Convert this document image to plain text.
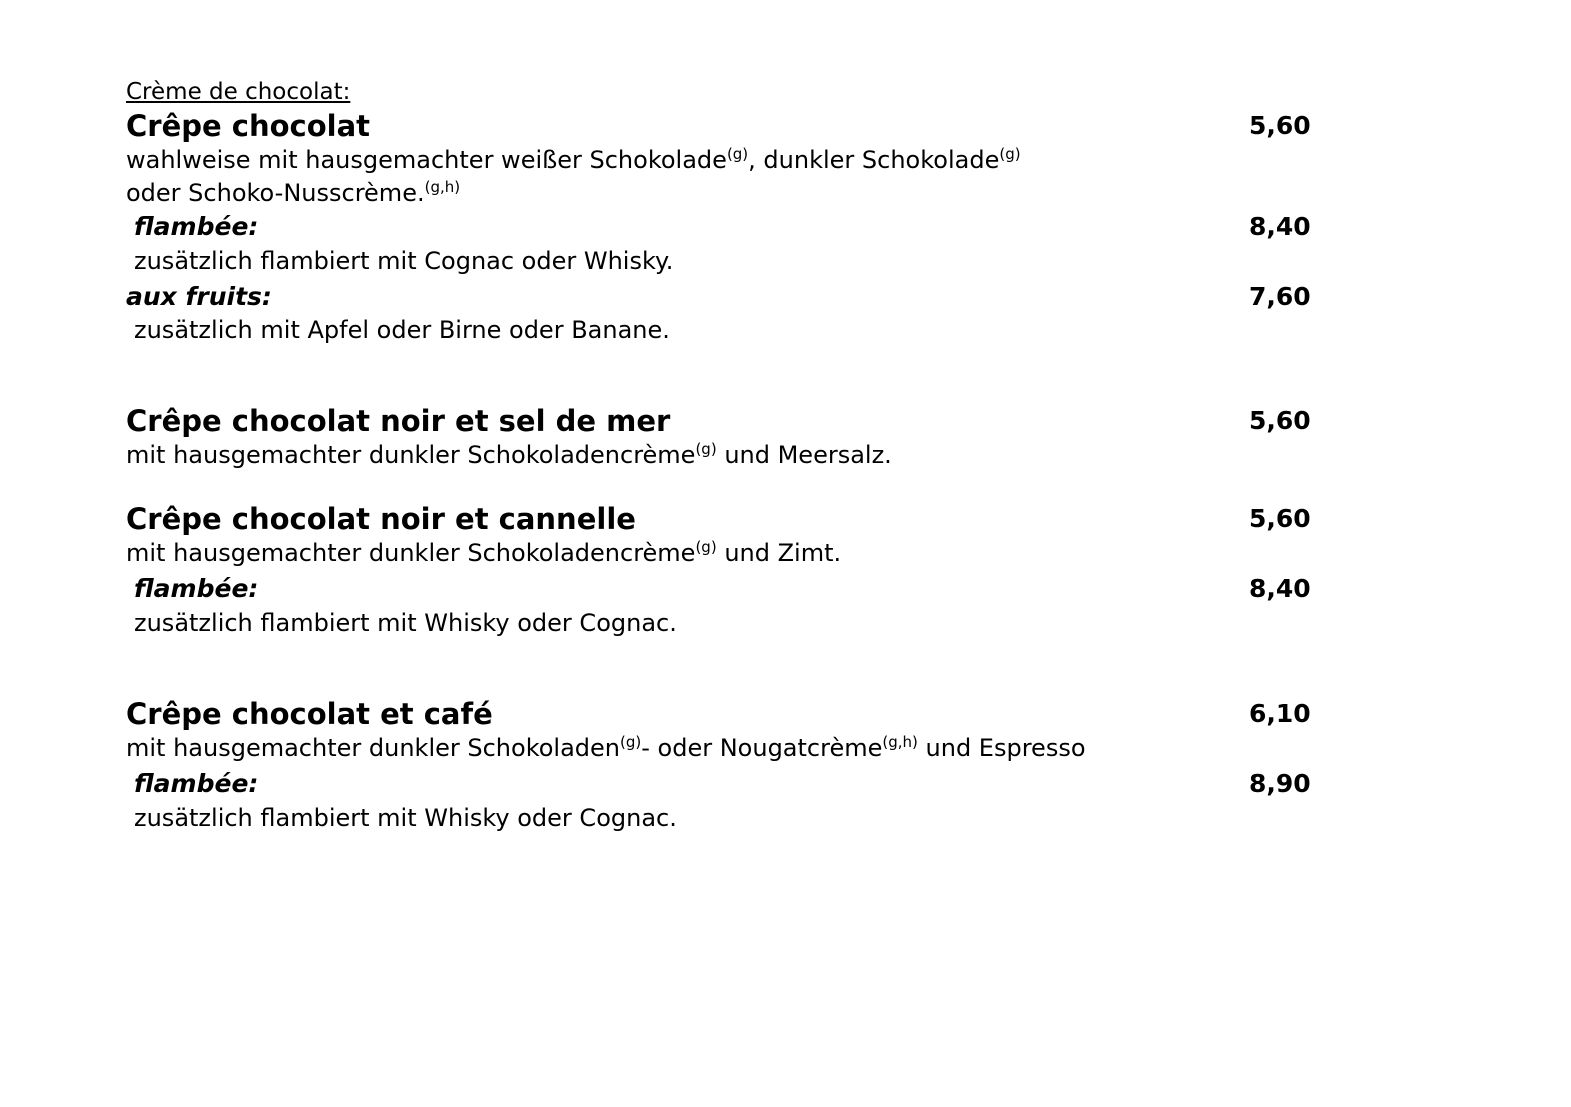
Crème de chocolat:
Crêpe chocolat	5,60
wahlweise mit hausgemachter weißer Schokolade$^{(g)}$, dunkler Schokolade$^{(g)}$
oder Schoko-Nusscrème.$^{(g,h)}$
flambée:	8,40
zusätzlich flambiert mit Cognac oder Whisky.
aux fruits:	7,60
zusätzlich mit Apfel oder Birne oder Banane.
Crêpe chocolat noir et sel de mer	5,60
mit hausgemachter dunkler Schokoladencrème$^{(g)}$ und Meersalz.
Crêpe chocolat noir et cannelle	5,60
mit hausgemachter dunkler Schokoladencrème$^{(g)}$ und Zimt.
flambée:	8,40
zusätzlich flambiert mit Whisky oder Cognac.
Crêpe chocolat et café	6,10
mit hausgemachter dunkler Schokoladen$^{(g)}$- oder Nougatcrème$^{(g,h)}$ und Espresso
flambée:	8,90
zusätzlich flambiert mit Whisky oder Cognac.
